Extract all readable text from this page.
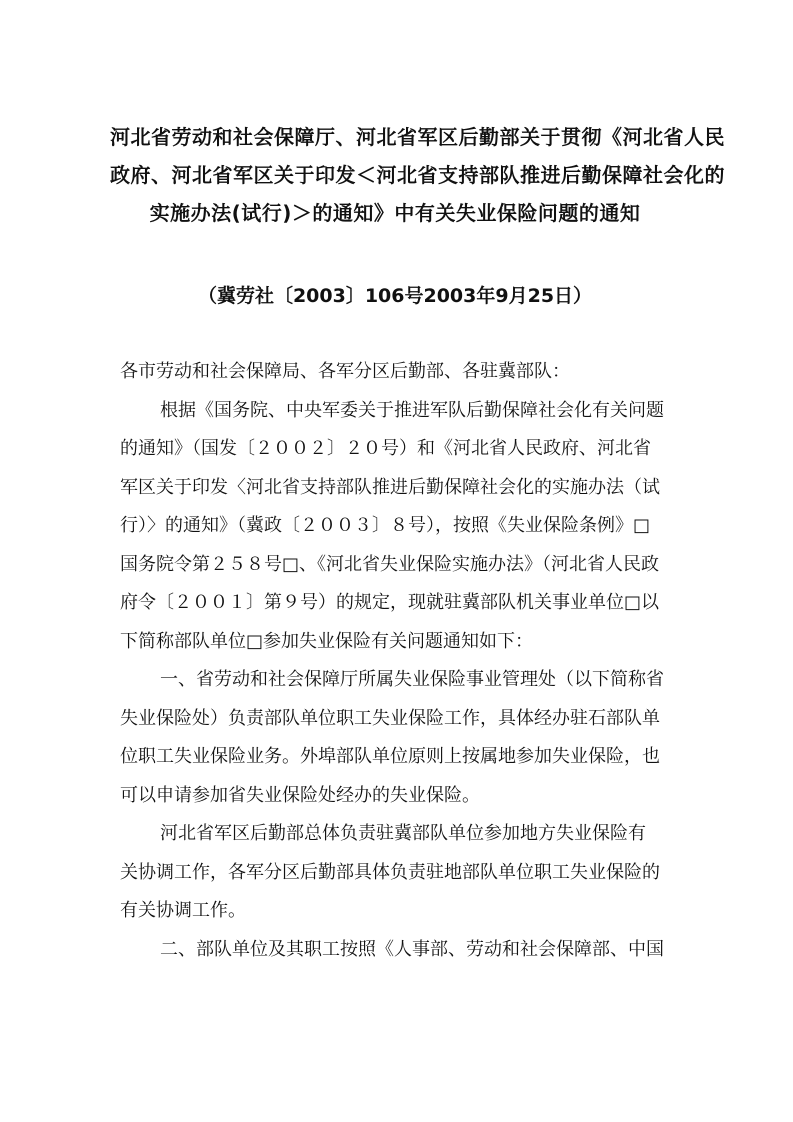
河北省劳动和社会保障厅、河北省军区后勤部关于贯彻《河北省人民
政府、河北省军区关于印发＜河北省支持部队推进后勤保障社会化的
实施办法(试行)＞的通知》中有关失业保险问题的通知
（冀劳社〔2003〕106号2003年9月25日）
各市劳动和社会保障局、各军分区后勤部、各驻冀部队：
根据《国务院、中央军委关于推进军队后勤保障社会化有关问题
的通知》（国发〔２００２〕２０号）和《河北省人民政府、河北省
军区关于印发〈河北省支持部队推进后勤保障社会化的实施办法（试
行）〉的通知》（冀政〔２００３〕８号），按照《失业保险条例》□
国务院令第２５８号□、《河北省失业保险实施办法》（河北省人民政
府令〔２００１〕第９号）的规定，现就驻冀部队机关事业单位□以
下简称部队单位□参加失业保险有关问题通知如下：
一、省劳动和社会保障厅所属失业保险事业管理处（以下简称省
失业保险处）负责部队单位职工失业保险工作，具体经办驻石部队单
位职工失业保险业务。外埠部队单位原则上按属地参加失业保险，也
可以申请参加省失业保险处经办的失业保险。
河北省军区后勤部总体负责驻冀部队单位参加地方失业保险有
关协调工作，各军分区后勤部具体负责驻地部队单位职工失业保险的
有关协调工作。
二、部队单位及其职工按照《人事部、劳动和社会保障部、中国
